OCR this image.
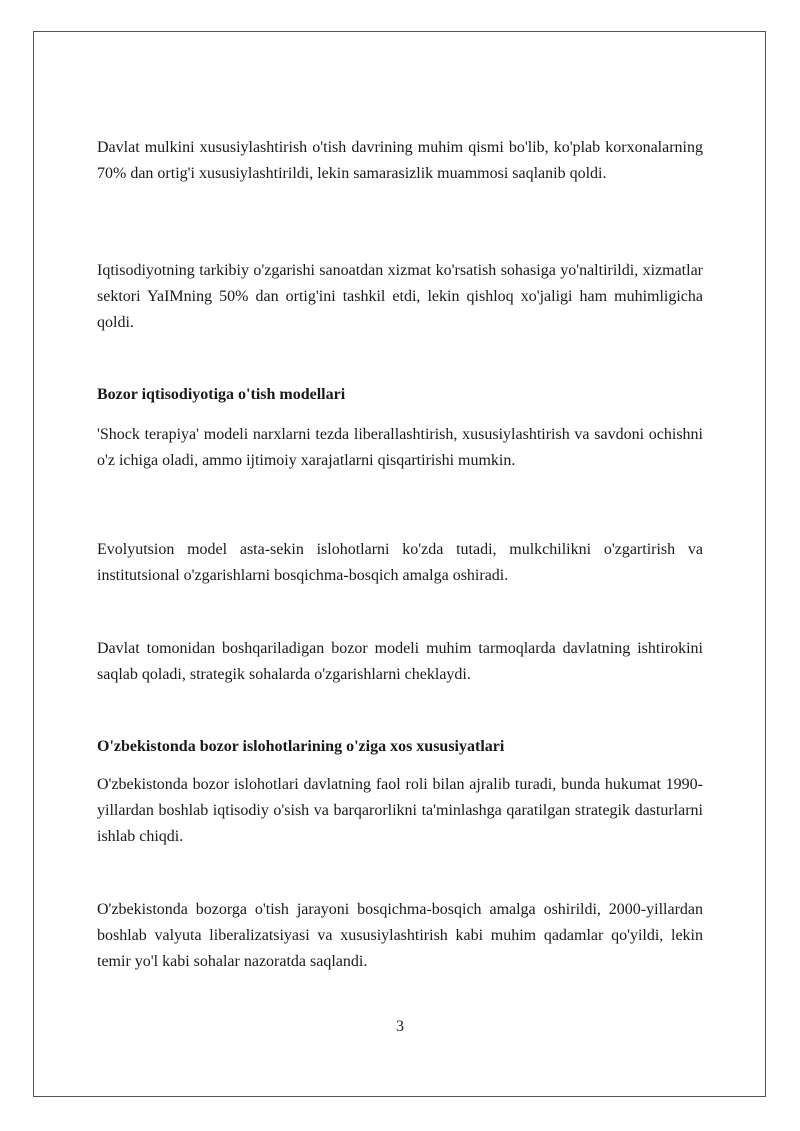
Davlat mulkini xususiylashtirish o'tish davrining muhim qismi bo'lib, ko'plab korxonalarning 70% dan ortig'i xususiylashtirildi, lekin samarasizlik muammosi saqlanib qoldi.

Iqtisodiyotning tarkibiy o'zgarishi sanoatdan xizmat ko'rsatish sohasiga yo'naltirildi, xizmatlar sektori YaIMning 50% dan ortig'ini tashkil etdi, lekin qishloq xo'jaligi ham muhimligicha qoldi.

Bozor iqtisodiyotiga o'tish modellari

'Shock terapiya' modeli narxlarni tezda liberallashtirish, xususiylashtirish va savdoni ochishni o'z ichiga oladi, ammo ijtimoiy xarajatlarni qisqartirishi mumkin.

Evolyutsion model asta-sekin islohotlarni ko'zda tutadi, mulkchilikni o'zgartirish va institutsional o'zgarishlarni bosqichma-bosqich amalga oshiradi.

Davlat tomonidan boshqariladigan bozor modeli muhim tarmoqlarda davlatning ishtirokini saqlab qoladi, strategik sohalarda o'zgarishlarni cheklaydi.

O'zbekistonda bozor islohotlarining o'ziga xos xususiyatlari

O'zbekistonda bozor islohotlari davlatning faol roli bilan ajralib turadi, bunda hukumat 1990-yillardan boshlab iqtisodiy o'sish va barqarorlikni ta'minlashga qaratilgan strategik dasturlarni ishlab chiqdi.

O'zbekistonda bozorga o'tish jarayoni bosqichma-bosqich amalga oshirildi, 2000-yillardan boshlab valyuta liberalizatsiyasi va xususiylashtirish kabi muhim qadamlar qo'yildi, lekin temir yo'l kabi sohalar nazoratda saqlandi.

3
